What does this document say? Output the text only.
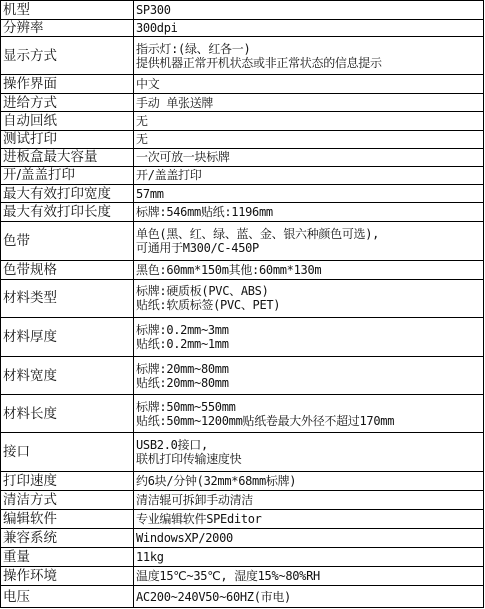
机型	SP300

分辨率	300dpi

显示方式	指示灯:(绿、红各一)
提供机器正常开机状态或非正常状态的信息提示

操作界面	中文

进给方式	手动 单张送牌

自动回纸	无

测试打印	无

进板盒最大容量	一次可放一块标牌

开/盖盖打印	开/盖盖打印

最大有效打印宽度	57mm

最大有效打印长度	标牌:546mm贴纸:1196mm

色带	单色(黑、红、绿、蓝、金、银六种颜色可选),
可通用于M300/C-450P

色带规格	黑色:60mm*150m其他:60mm*130m

材料类型	标牌:硬质板(PVC、ABS)
贴纸:软质标签(PVC、PET)

材料厚度	标牌:0.2mm~3mm
贴纸:0.2mm~1mm

材料宽度	标牌:20mm~80mm
贴纸:20mm~80mm

材料长度	标牌:50mm~550mm
贴纸:50mm~1200mm贴纸卷最大外径不超过170mm

接口	USB2.0接口,
联机打印传输速度快

打印速度	约6块/分钟(32mm*68mm标牌)

清洁方式	清洁辊可拆卸手动清洁

编辑软件	专业编辑软件SPEditor

兼容系统	WindowsXP/2000

重量	11kg

操作环境	温度15℃~35℃, 湿度15%~80%RH

电压	AC200~240V50~60HZ(市电)
